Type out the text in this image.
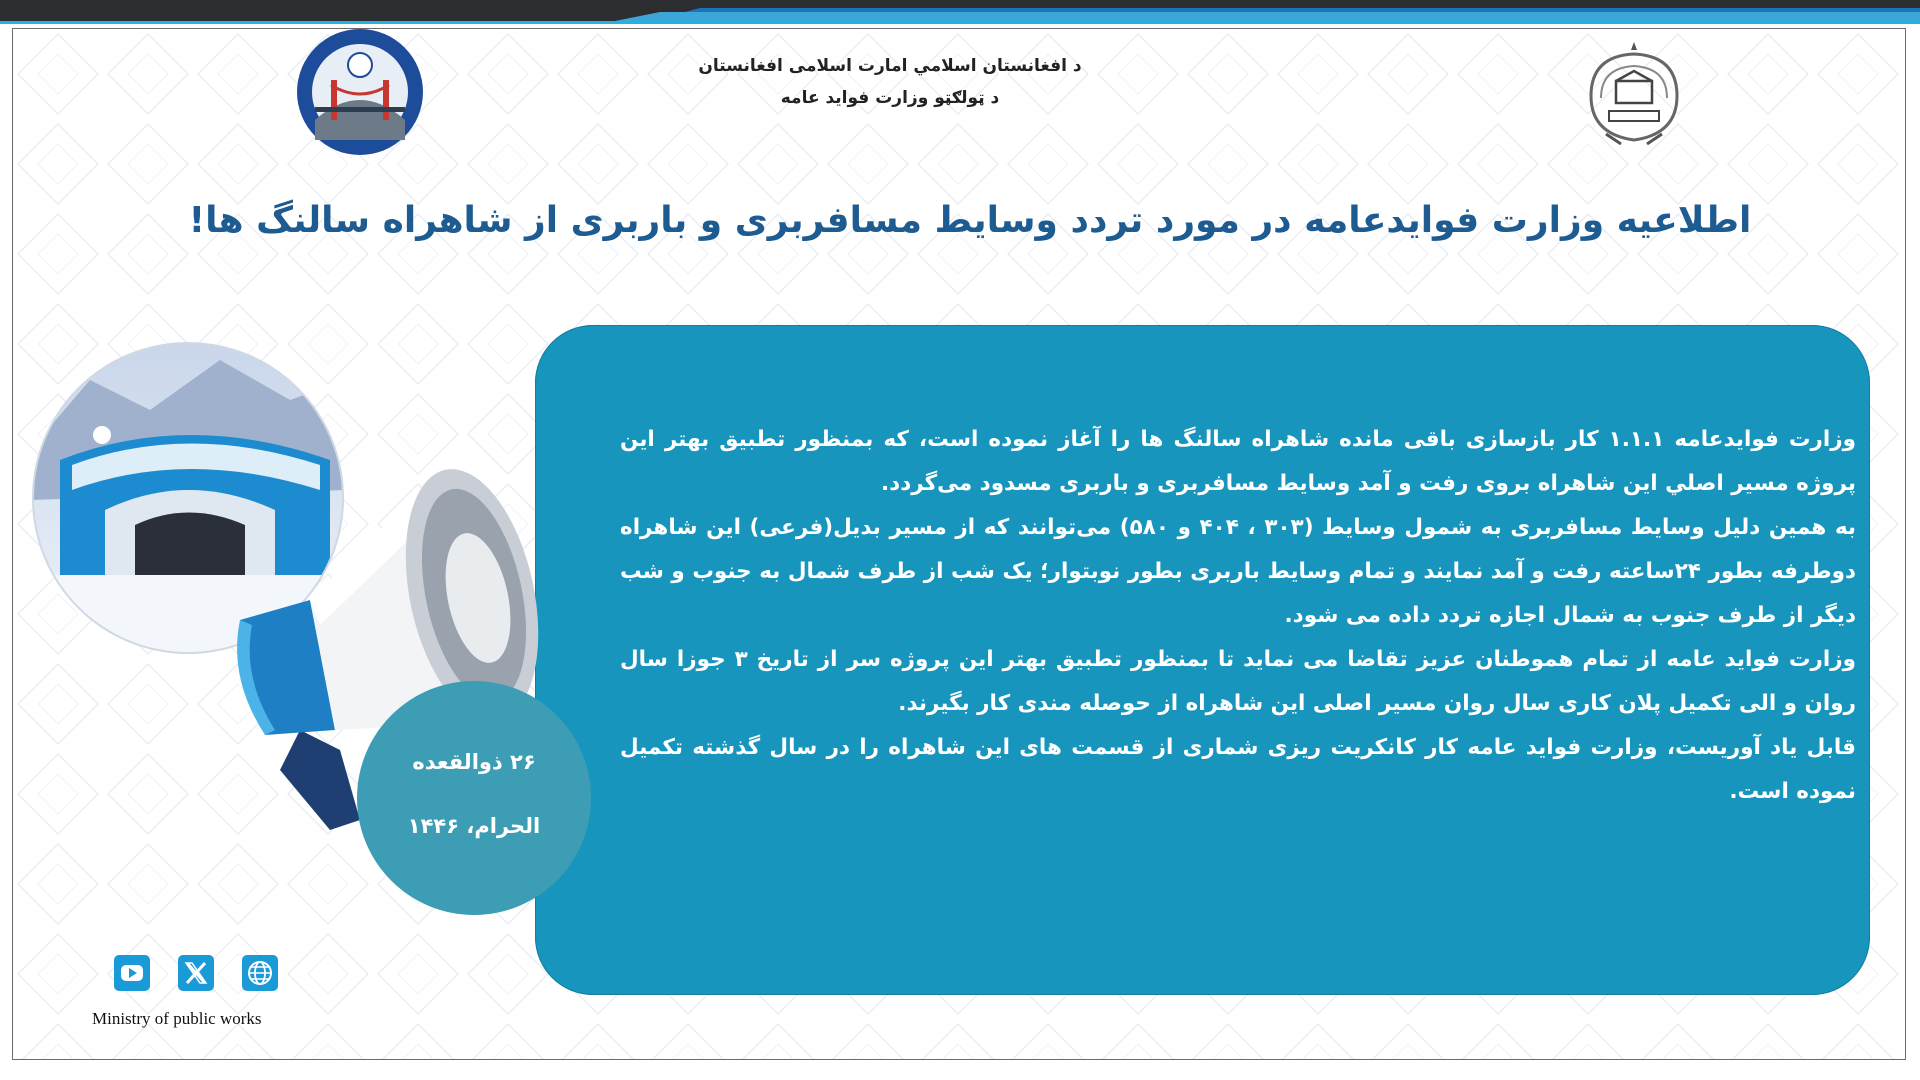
د افغانستان اسلامي امارت اسلامی افغانستان
د ټولګټو وزارت فواید عامه
اطلاعیه وزارت فوایدعامه در مورد تردد وسایط مسافربری و باربری از شاهراه سالنگ ها!

وزارت فوایدعامه ۱.۱.۱ کار بازسازی باقی مانده شاهراه سالنگ ها را آغاز نموده است، که بمنظور تطبیق بهتر این پروژه مسیر اصلي این شاهراه بروی رفت و آمد وسایط مسافربری و باربری مسدود می‌گردد.

به همین دلیل وسایط مسافربری به شمول وسایط (۳۰۳ ، ۴۰۴ و ۵۸۰) می‌توانند که از مسیر بدیل(فرعی) این شاهراه دوطرفه بطور ۲۴ساعته رفت و آمد نمایند و تمام وسایط باربری بطور نوبتوار؛ یک شب از طرف شمال به جنوب و شب دیگر از طرف جنوب به شمال اجازه تردد داده می شود.

وزارت فواید عامه از تمام هموطنان عزیز تقاضا می نماید تا بمنظور تطبیق بهتر این پروژه سر از تاریخ ۳ جوزا سال روان و الی تکمیل پلان کاری سال روان مسیر اصلی این شاهراه از حوصله مندی کار بگیرند.

قابل یاد آوریست، وزارت فواید عامه کار کانکریت ریزی شماری از قسمت های این شاهراه را در سال گذشته تکمیل نموده است.

۲۶ ذوالقعده
الحرام، ۱۴۴۶
Ministry of public works
